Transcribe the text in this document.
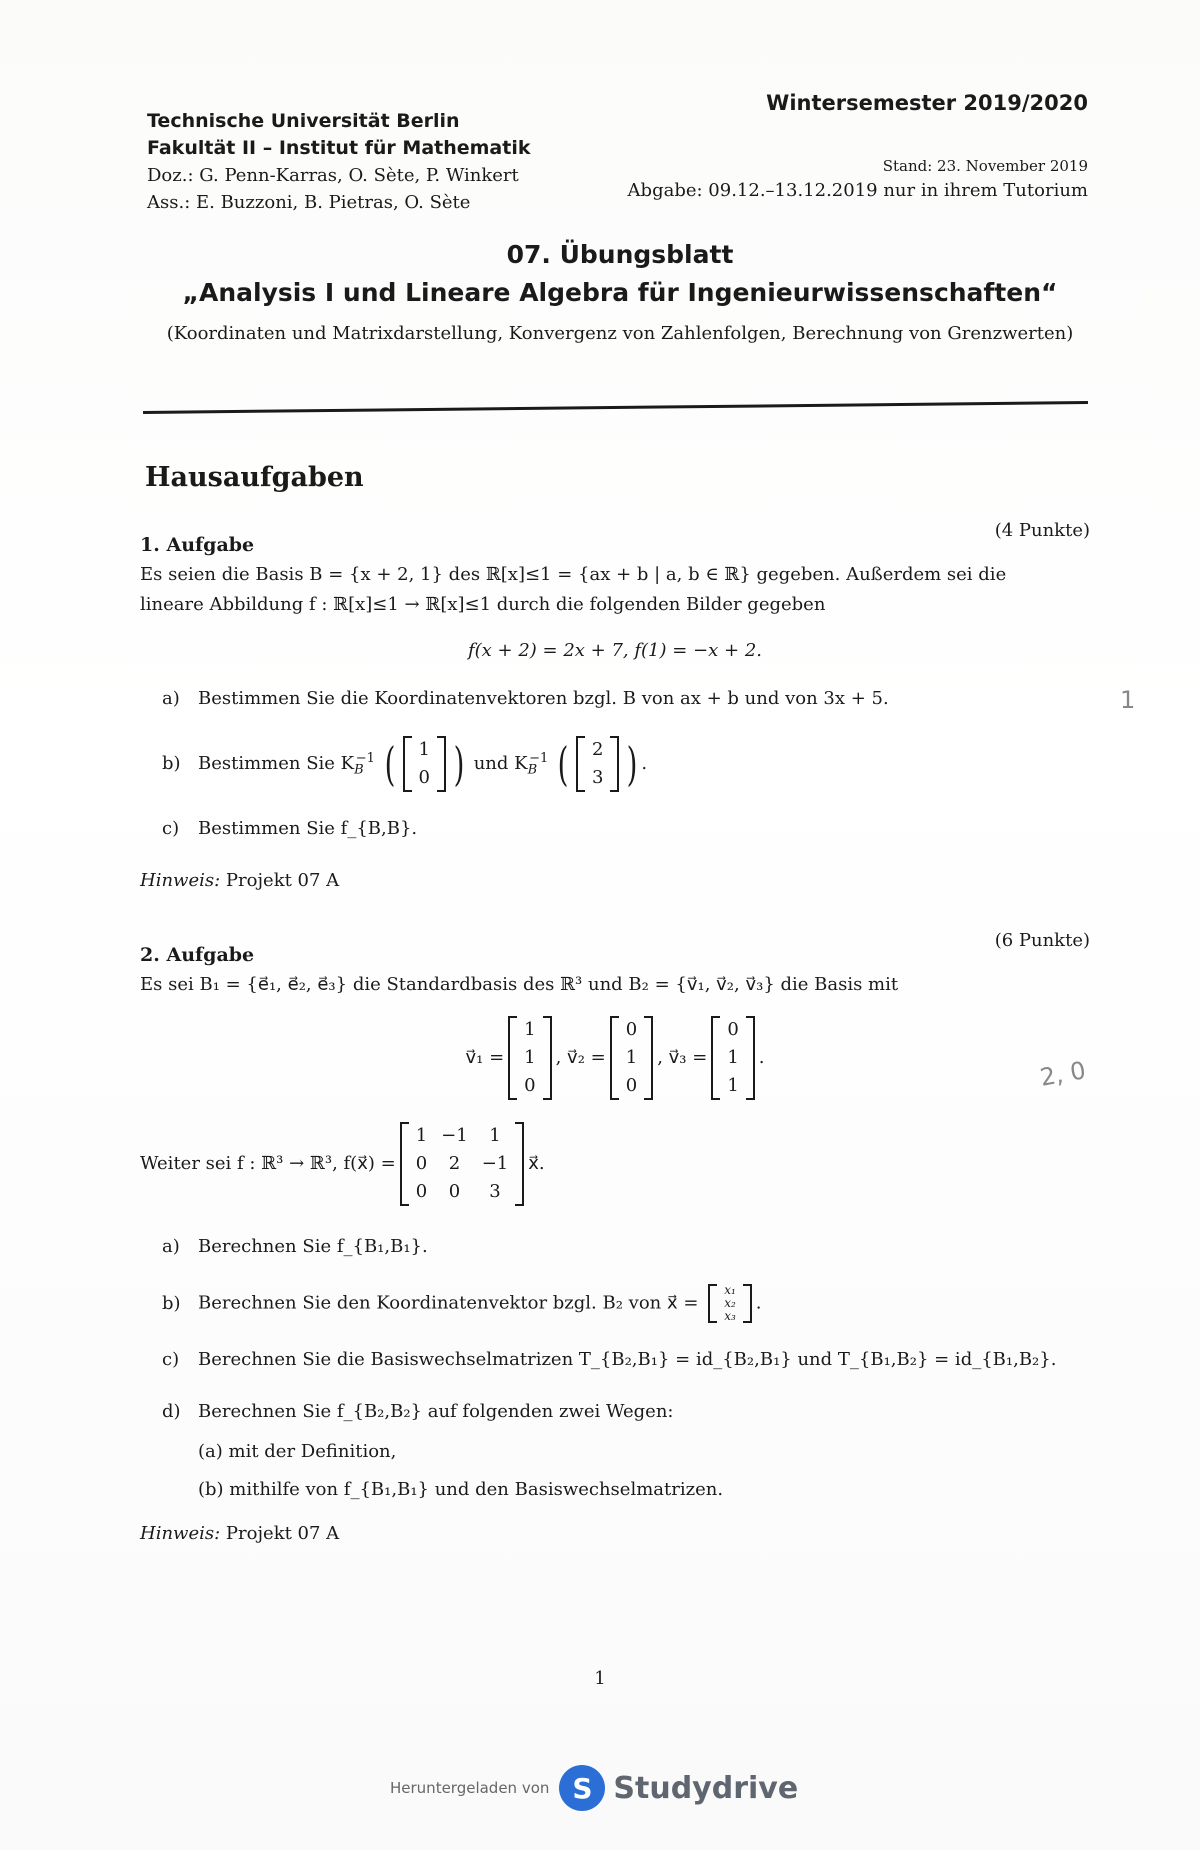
Technische Universität Berlin
Fakultät II – Institut für Mathematik
Doz.: G. Penn-Karras, O. Sète, P. Winkert
Ass.: E. Buzzoni, B. Pietras, O. Sète
Wintersemester 2019/2020
Stand: 23. November 2019
Abgabe: 09.12.–13.12.2019 nur in ihrem Tutorium
07. Übungsblatt
„Analysis I und Lineare Algebra für Ingenieurwissenschaften“
(Koordinaten und Matrixdarstellung, Konvergenz von Zahlenfolgen, Berechnung von Grenzwerten)
Hausaufgaben
1. Aufgabe
(4 Punkte)

Es seien die Basis B = {x + 2, 1} des ℝ[x]≤1 = {ax + b | a, b ∈ ℝ} gegeben. Außerdem sei die

lineare Abbildung f : ℝ[x]≤1 → ℝ[x]≤1 durch die folgenden Bilder gegeben

f(x + 2) = 2x + 7, f(1) = −x + 2.
a)	Bestimmen Sie die Koordinatenvektoren bzgl. B von ax + b und von 3x + 5.
b) Bestimmen Sie $K_B^{-1}$ ( 1
0 ) und $K_B^{-1}$ ( 2
3 ) .
c)	Bestimmen Sie f_{B,B}.
Hinweis: Projekt 07 A
2. Aufgabe
(6 Punkte)

Es sei B₁ = {e⃗₁, e⃗₂, e⃗₃} die Standardbasis des ℝ³ und B₂ = {v⃗₁, v⃗₂, v⃗₃} die Basis mit

v⃗₁ =
1
1
0
, v⃗₂ =
0
1
0
, v⃗₃ =
0
1
1
.
Weiter sei f : ℝ³ → ℝ³, f(x⃗) =
1	−1	1
0	2	−1
0	0	3
x⃗.
a)	Berechnen Sie f_{B₁,B₁}.
b) Berechnen Sie den Koordinatenvektor bzgl. B₂ von x⃗ =
x₁
x₂
x₃
.
c)	Berechnen Sie die Basiswechselmatrizen T_{B₂,B₁} = id_{B₂,B₁} und T_{B₁,B₂} = id_{B₁,B₂}.
d) Berechnen Sie f_{B₂,B₂} auf folgenden zwei Wegen:
(a) mit der Definition,
(b) mithilfe von f_{B₁,B₁} und den Basiswechselmatrizen.
Hinweis: Projekt 07 A
1
2, 0
1
Heruntergeladen von S Studydrive
